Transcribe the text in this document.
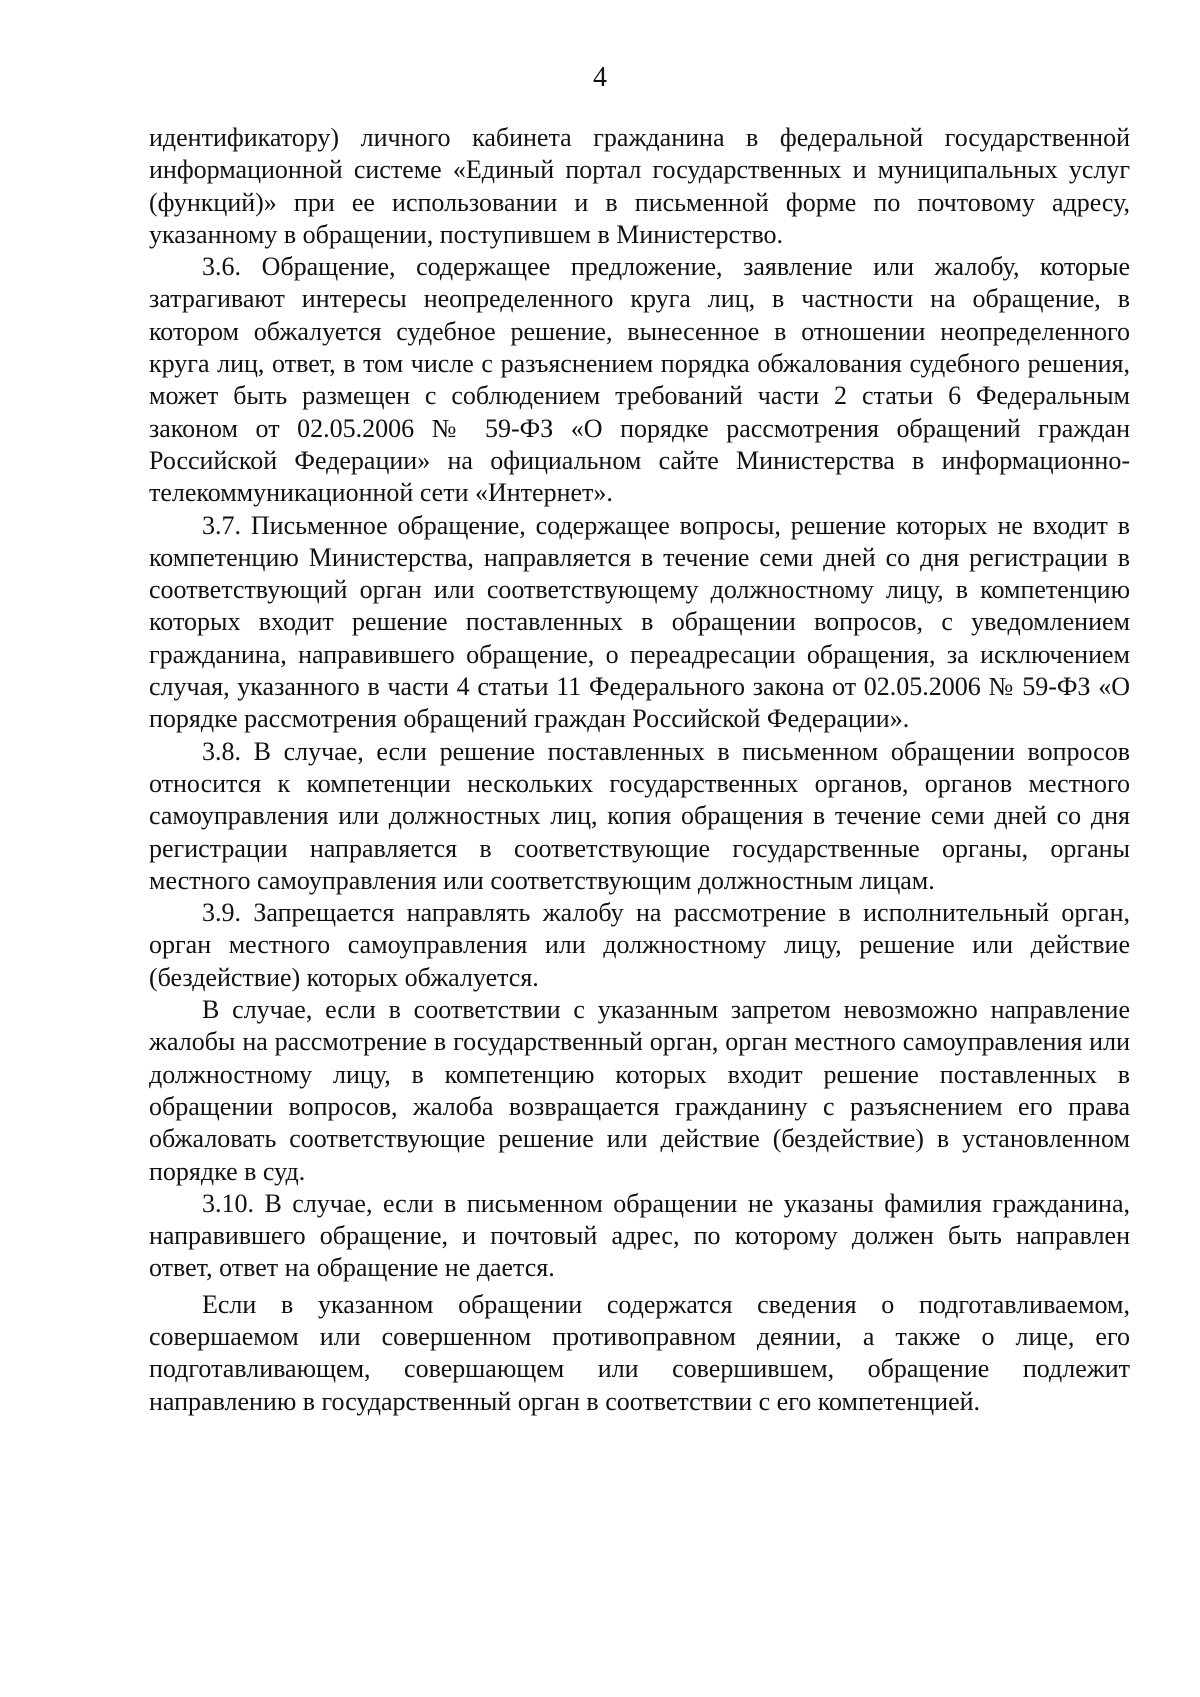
4

идентификатору) личного кабинета гражданина в федеральной государственной информационной системе «Единый портал государственных и муниципальных услуг (функций)» при ее использовании и в письменной форме по почтовому адресу, указанному в обращении, поступившем в Министерство.

3.6. Обращение, содержащее предложение, заявление или жалобу, которые затрагивают интересы неопределенного круга лиц, в частности на обращение, в котором обжалуется судебное решение, вынесенное в отношении неопределенного круга лиц, ответ, в том числе с разъяснением порядка обжалования судебного решения, может быть размещен с соблюдением требований части 2 статьи 6 Федеральным законом от 02.05.2006 № 59-ФЗ «О порядке рассмотрения обращений граждан Российской Федерации» на официальном сайте Министерства в информационно-телекоммуникационной сети «Интернет».

3.7. Письменное обращение, содержащее вопросы, решение которых не входит в компетенцию Министерства, направляется в течение семи дней со дня регистрации в соответствующий орган или соответствующему должностному лицу, в компетенцию которых входит решение поставленных в обращении вопросов, с уведомлением гражданина, направившего обращение, о переадресации обращения, за исключением случая, указанного в части 4 статьи 11 Федерального закона от 02.05.2006 № 59-ФЗ «О порядке рассмотрения обращений граждан Российской Федерации».

3.8. В случае, если решение поставленных в письменном обращении вопросов относится к компетенции нескольких государственных органов, органов местного самоуправления или должностных лиц, копия обращения в течение семи дней со дня регистрации направляется в соответствующие государственные органы, органы местного самоуправления или соответствующим должностным лицам.

3.9. Запрещается направлять жалобу на рассмотрение в исполнительный орган, орган местного самоуправления или должностному лицу, решение или действие (бездействие) которых обжалуется.

В случае, если в соответствии с указанным запретом невозможно направление жалобы на рассмотрение в государственный орган, орган местного самоуправления или должностному лицу, в компетенцию которых входит решение поставленных в обращении вопросов, жалоба возвращается гражданину с разъяснением его права обжаловать соответствующие решение или действие (бездействие) в установленном порядке в суд.

3.10. В случае, если в письменном обращении не указаны фамилия гражданина, направившего обращение, и почтовый адрес, по которому должен быть направлен ответ, ответ на обращение не дается.

Если в указанном обращении содержатся сведения о подготавливаемом, совершаемом или совершенном противоправном деянии, а также о лице, его подготавливающем, совершающем или совершившем, обращение подлежит направлению в государственный орган в соответствии с его компетенцией.
